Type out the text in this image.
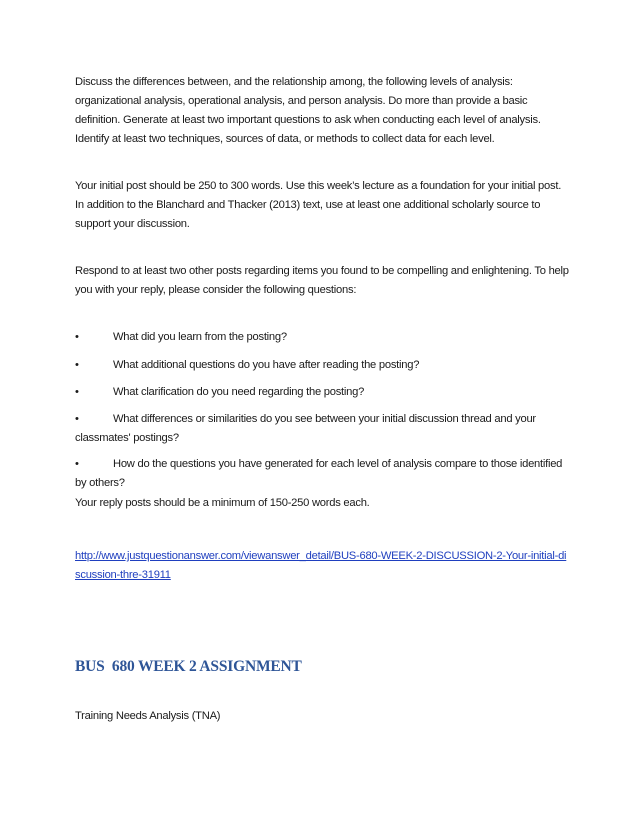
Discuss the differences between, and the relationship among, the following levels of analysis: organizational analysis, operational analysis, and person analysis. Do more than provide a basic definition. Generate at least two important questions to ask when conducting each level of analysis. Identify at least two techniques, sources of data, or methods to collect data for each level.

Your initial post should be 250 to 300 words. Use this week’s lecture as a foundation for your initial post. In addition to the Blanchard and Thacker (2013) text, use at least one additional scholarly source to support your discussion.

Respond to at least two other posts regarding items you found to be compelling and enlightening. To help you with your reply, please consider the following questions:

•	What did you learn from the posting?
•	What additional questions do you have after reading the posting?
•	What clarification do you need regarding the posting?
•	What differences or similarities do you see between your initial discussion thread and your classmates' postings?
•	How do the questions you have generated for each level of analysis compare to those identified by others?

Your reply posts should be a minimum of 150-250 words each.

http://www.justquestionanswer.com/viewanswer_detail/BUS-680-WEEK-2-DISCUSSION-2-Your-initial-discussion-thre-31911
BUS  680 WEEK 2 ASSIGNMENT

Training Needs Analysis (TNA)
